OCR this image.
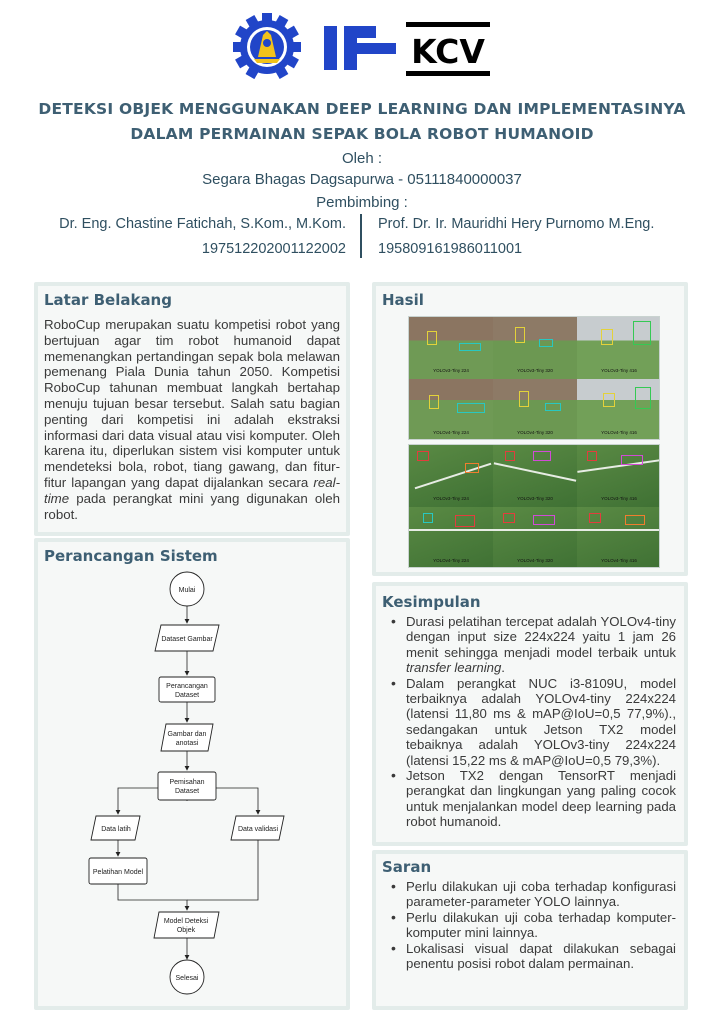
KCV
DETEKSI OBJEK MENGGUNAKAN DEEP LEARNING DAN IMPLEMENTASINYA
DALAM PERMAINAN SEPAK BOLA ROBOT HUMANOID
Oleh :
Segara Bhagas Dagsapurwa - 05111840000037
Pembimbing :
Dr. Eng. Chastine Fatichah, S.Kom., M.Kom.
197512202001122002
Prof. Dr. Ir. Mauridhi Hery Purnomo M.Eng.
195809161986011001
Latar Belakang
RoboCup merupakan suatu kompetisi robot yang bertujuan agar tim robot humanoid dapat memenangkan pertandingan sepak bola melawan pemenang Piala Dunia tahun 2050. Kompetisi RoboCup tahunan membuat langkah bertahap menuju tujuan besar tersebut. Salah satu bagian penting dari kompetisi ini adalah ekstraksi informasi dari data visual atau visi komputer. Oleh karena itu, diperlukan sistem visi komputer untuk mendeteksi bola, robot, tiang gawang, dan fitur-fitur lapangan yang dapat dijalankan secara real-time pada perangkat mini yang digunakan oleh robot.
Perancangan Sistem
Mulai
Dataset Gambar
Perancangan
Dataset
Gambar dan
anotasi
Pemisahan
Dataset
Data latih	Data validasi
Pelatihan Model
Model Deteksi
Objek
Selesai
Hasil
YOLOv3-Tiny 224	YOLOv3-Tiny 320	YOLOv3-Tiny 416
YOLOv4-Tiny 224	YOLOv4-Tiny 320	YOLOv4-Tiny 416
YOLOv3-Tiny 224	YOLOv3-Tiny 320	YOLOv3-Tiny 416
YOLOv4-Tiny 224	YOLOv4-Tiny 320	YOLOv4-Tiny 416
Kesimpulan
• Durasi pelatihan tercepat adalah YOLOv4-tiny dengan input size 224x224 yaitu 1 jam 26 menit sehingga menjadi model terbaik untuk transfer learning.
• Dalam perangkat NUC i3-8109U, model terbaiknya adalah YOLOv4-tiny 224x224 (latensi 11,80 ms & mAP@IoU=0,5 77,9%)., sedangakan untuk Jetson TX2 model tebaiknya adalah YOLOv3-tiny 224x224 (latensi 15,22 ms & mAP@IoU=0,5 79,3%).
• Jetson TX2 dengan TensorRT menjadi perangkat dan lingkungan yang paling cocok untuk menjalankan model deep learning pada robot humanoid.
Saran
• Perlu dilakukan uji coba terhadap konfigurasi parameter-parameter YOLO lainnya.
• Perlu dilakukan uji coba terhadap komputer-komputer mini lainnya.
• Lokalisasi visual dapat dilakukan sebagai penentu posisi robot dalam permainan.
